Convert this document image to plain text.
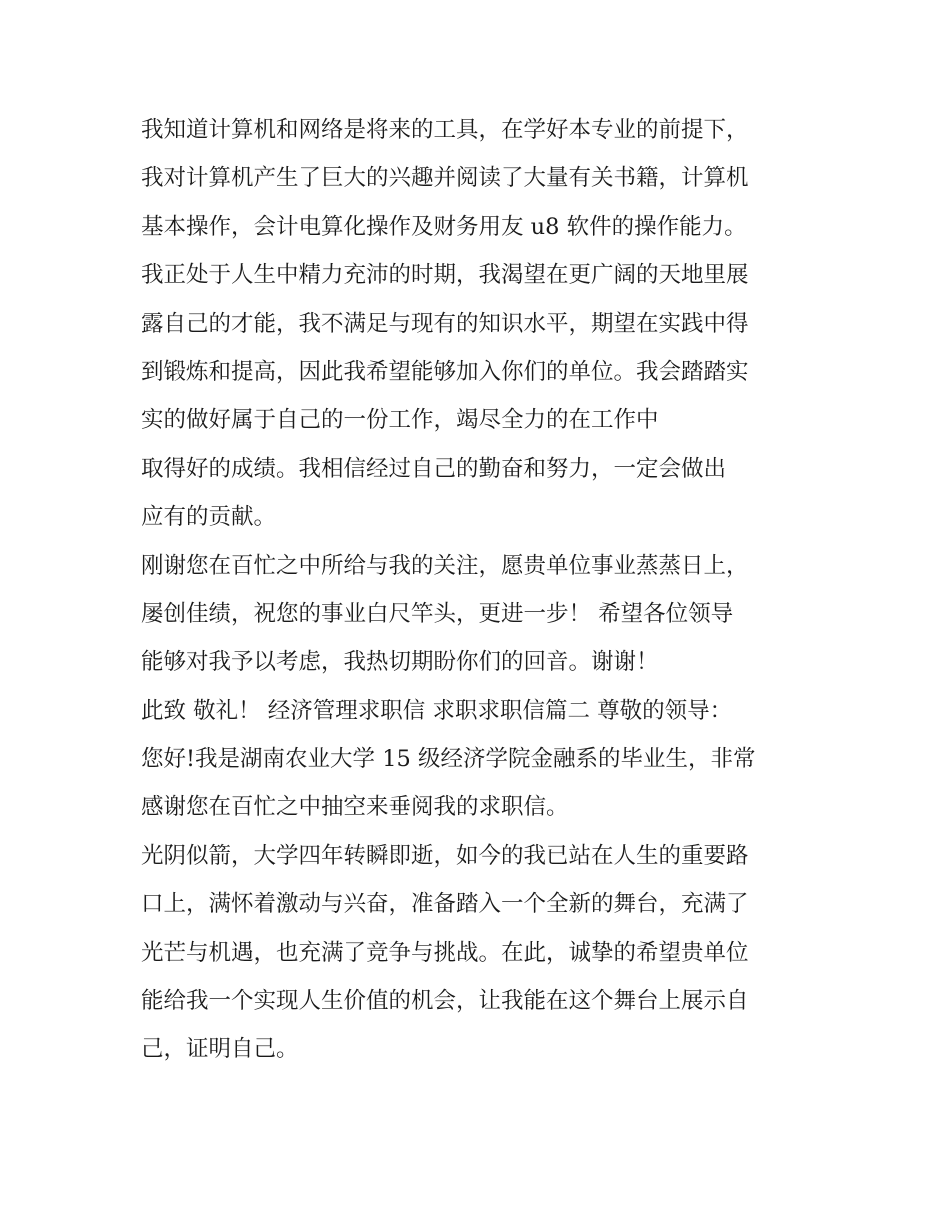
我知道计算机和网络是将来的工具，在学好本专业的前提下，
我对计算机产生了巨大的兴趣并阅读了大量有关书籍，计算机
基本操作，会计电算化操作及财务用友 u8 软件的操作能力。
我正处于人生中精力充沛的时期，我渴望在更广阔的天地里展
露自己的才能，我不满足与现有的知识水平，期望在实践中得
到锻炼和提高，因此我希望能够加入你们的单位。我会踏踏实
实的做好属于自己的一份工作，竭尽全力的在工作中
取得好的成绩。我相信经过自己的勤奋和努力，一定会做出
应有的贡献。
刚谢您在百忙之中所给与我的关注，愿贵单位事业蒸蒸日上，
屡创佳绩，祝您的事业白尺竿头，更进一步！ 希望各位领导
能够对我予以考虑，我热切期盼你们的回音。谢谢！
此致 敬礼！ 经济管理求职信 求职求职信篇二 尊敬的领导：
您好!我是湖南农业大学 15 级经济学院金融系的毕业生，非常
感谢您在百忙之中抽空来垂阅我的求职信。
光阴似箭，大学四年转瞬即逝，如今的我已站在人生的重要路
口上，满怀着激动与兴奋，准备踏入一个全新的舞台，充满了
光芒与机遇，也充满了竞争与挑战。在此，诚挚的希望贵单位
能给我一个实现人生价值的机会，让我能在这个舞台上展示自
己，证明自己。
